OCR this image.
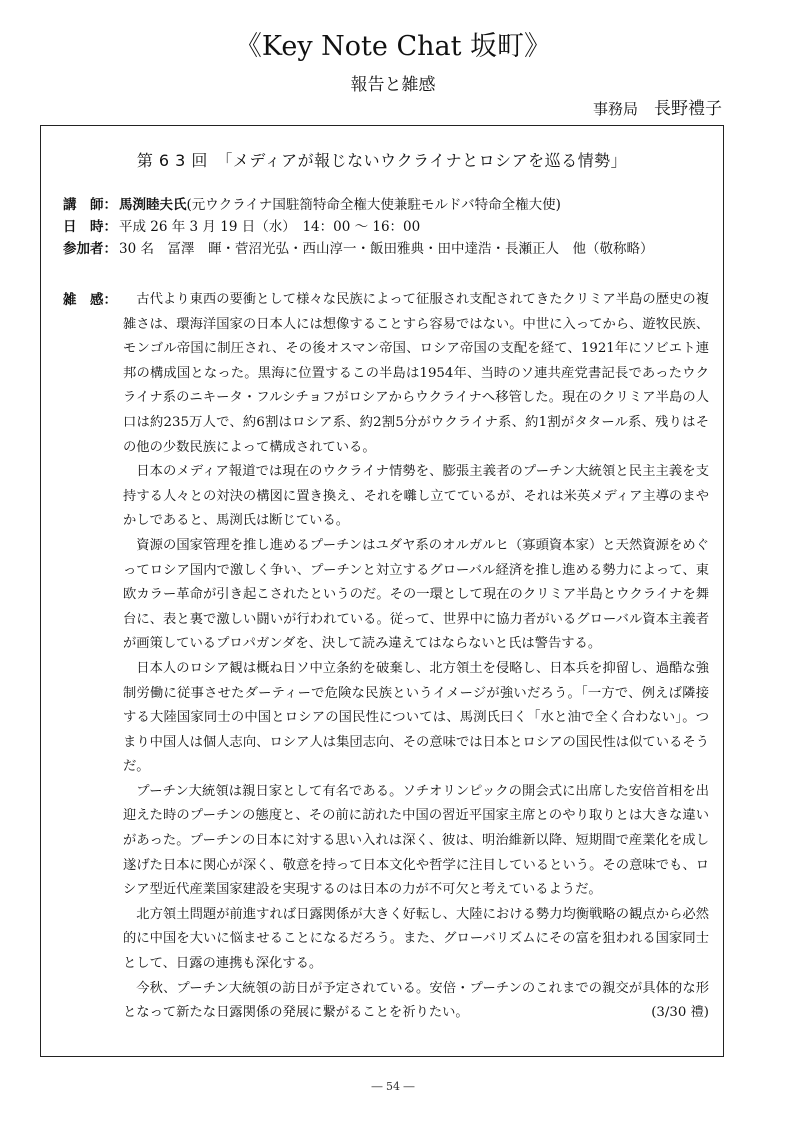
《Key Note Chat 坂町》
報告と雑感
事務局 長野禮子
第 6 3 回　「メディアが報じないウクライナとロシアを巡る情勢」
講　師： 馬渕睦夫氏(元ウクライナ国駐箚特命全権大使兼駐モルドバ特命全権大使)
日　時： 平成 26 年 3 月 19 日（水）　14：00 〜 16：00
参加者： 30 名　冨澤　暉・菅沼光弘・西山淳一・飯田雅典・田中達浩・長瀬正人　他（敬称略）
雑　感：	古代より東西の要衝として様々な民族によって征服され支配されてきたクリミア半島の歴史の複雑さは、環海洋国家の日本人には想像することすら容易ではない。中世に入ってから、遊牧民族、モンゴル帝国に制圧され、その後オスマン帝国、ロシア帝国の支配を経て、1921年にソビエト連邦の構成国となった。黒海に位置するこの半島は1954年、当時のソ連共産党書記長であったウクライナ系のニキータ・フルシチョフがロシアからウクライナへ移管した。現在のクリミア半島の人口は約235万人で、約6割はロシア系、約2割5分がウクライナ系、約1割がタタール系、残りはその他の少数民族によって構成されている。

日本のメディア報道では現在のウクライナ情勢を、膨張主義者のプーチン大統領と民主主義を支持する人々との対決の構図に置き換え、それを囃し立てているが、それは米英メディア主導のまやかしであると、馬渕氏は断じている。

資源の国家管理を推し進めるプーチンはユダヤ系のオルガルヒ（寡頭資本家）と天然資源をめぐってロシア国内で激しく争い、プーチンと対立するグローバル経済を推し進める勢力によって、東欧カラー革命が引き起こされたというのだ。その一環として現在のクリミア半島とウクライナを舞台に、表と裏で激しい闘いが行われている。従って、世界中に協力者がいるグローバル資本主義者が画策しているプロパガンダを、決して読み違えてはならないと氏は警告する。

日本人のロシア観は概ね日ソ中立条約を破棄し、北方領土を侵略し、日本兵を抑留し、過酷な強制労働に従事させたダーティーで危険な民族というイメージが強いだろう。「一方で、例えば隣接する大陸国家同士の中国とロシアの国民性については、馬渕氏曰く「水と油で全く合わない」。つまり中国人は個人志向、ロシア人は集団志向、その意味では日本とロシアの国民性は似ているそうだ。

プーチン大統領は親日家として有名である。ソチオリンピックの開会式に出席した安倍首相を出迎えた時のプーチンの態度と、その前に訪れた中国の習近平国家主席とのやり取りとは大きな違いがあった。プーチンの日本に対する思い入れは深く、彼は、明治維新以降、短期間で産業化を成し遂げた日本に関心が深く、敬意を持って日本文化や哲学に注目しているという。その意味でも、ロシア型近代産業国家建設を実現するのは日本の力が不可欠と考えているようだ。

北方領土問題が前進すれば日露関係が大きく好転し、大陸における勢力均衡戦略の観点から必然的に中国を大いに悩ませることになるだろう。また、グローバリズムにその富を狙われる国家同士として、日露の連携も深化する。

今秋、プーチン大統領の訪日が予定されている。安倍・プーチンのこれまでの親交が具体的な形となって新たな日露関係の発展に繋がることを祈りたい。	(3/30 禮)

― 54 ―
